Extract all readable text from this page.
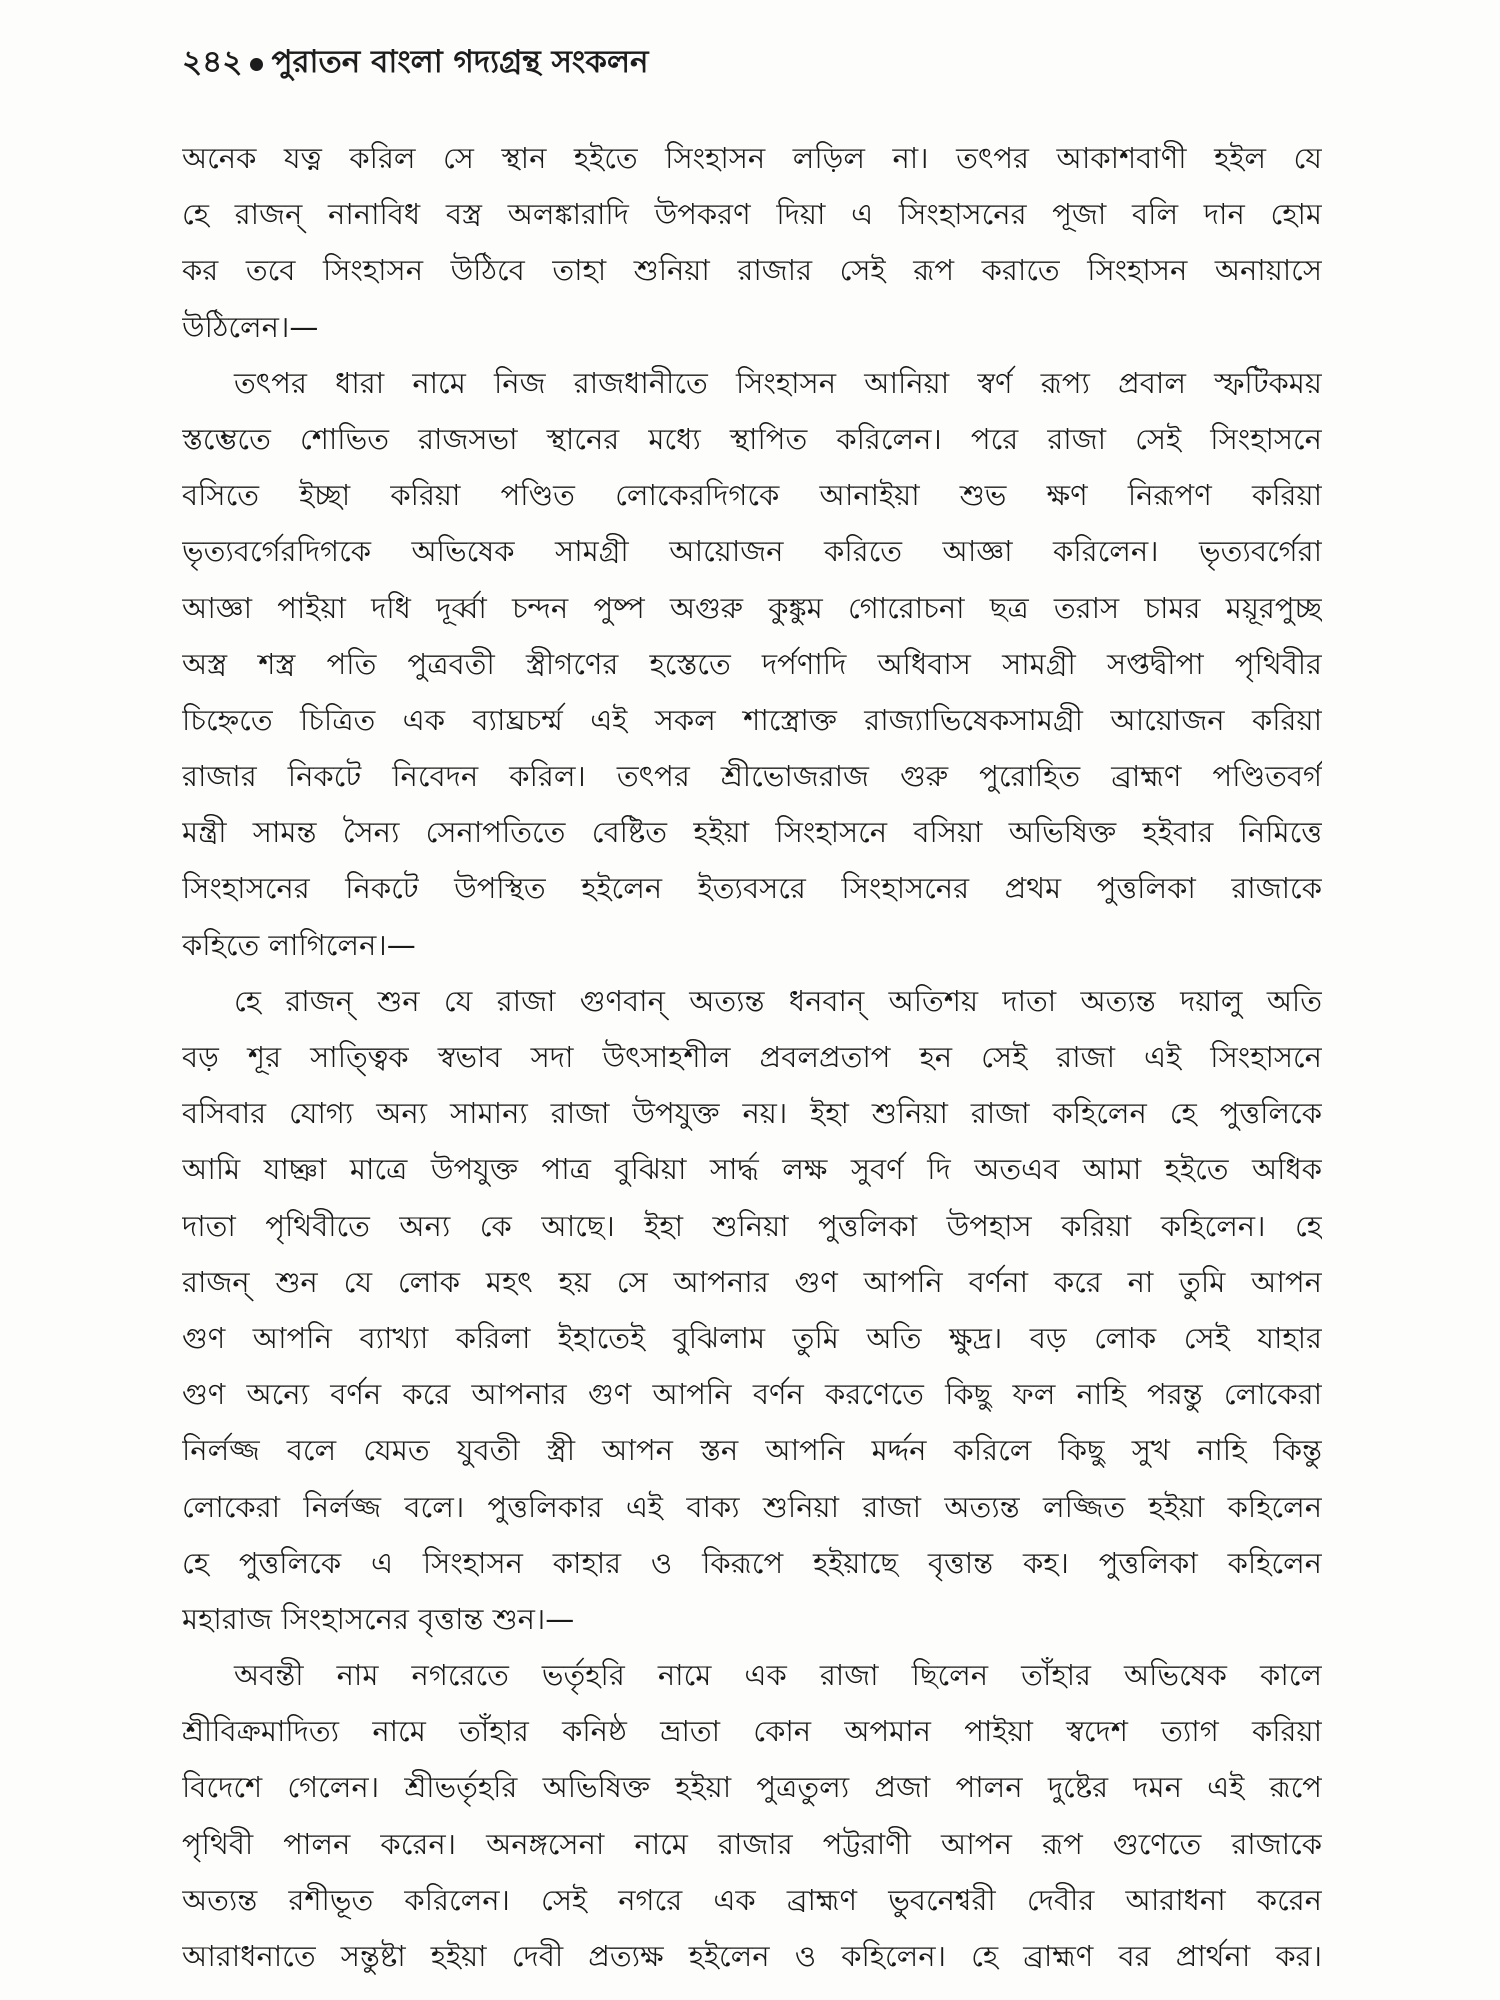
২৪২ পুরাতন বাংলা গদ্যগ্রন্থ সংকলন
অনেক যত্ন করিল সে স্থান হইতে সিংহাসন লড়িল না। তৎপর আকাশবাণী হইল যে
হে রাজন্ নানাবিধ বস্ত্র অলঙ্কারাদি উপকরণ দিয়া এ সিংহাসনের পূজা বলি দান হোম
কর তবে সিংহাসন উঠিবে তাহা শুনিয়া রাজার সেই রূপ করাতে সিংহাসন অনায়াসে
উঠিলেন।—
তৎপর ধারা নামে নিজ রাজধানীতে সিংহাসন আনিয়া স্বর্ণ রূপ্য প্রবাল স্ফটিকময়
স্তম্ভেতে শোভিত রাজসভা স্থানের মধ্যে স্থাপিত করিলেন। পরে রাজা সেই সিংহাসনে
বসিতে ইচ্ছা করিয়া পণ্ডিত লোকেরদিগকে আনাইয়া শুভ ক্ষণ নিরূপণ করিয়া
ভৃত্যবর্গেরদিগকে অভিষেক সামগ্রী আয়োজন করিতে আজ্ঞা করিলেন। ভৃত্যবর্গেরা
আজ্ঞা পাইয়া দধি দূর্ব্বা চন্দন পুষ্প অগুরু কুঙ্কুম গোরোচনা ছত্র তরাস চামর ময়ূরপুচ্ছ
অস্ত্র শস্ত্র পতি পুত্রবতী স্ত্রীগণের হস্তেতে দর্পণাদি অধিবাস সামগ্রী সপ্তদ্বীপা পৃথিবীর
চিহ্নেতে চিত্রিত এক ব্যাঘ্রচর্ম্ম এই সকল শাস্ত্রোক্ত রাজ্যাভিষেকসামগ্রী আয়োজন করিয়া
রাজার নিকটে নিবেদন করিল। তৎপর শ্রীভোজরাজ গুরু পুরোহিত ব্রাহ্মণ পণ্ডিতবর্গ
মন্ত্রী সামন্ত সৈন্য সেনাপতিতে বেষ্টিত হইয়া সিংহাসনে বসিয়া অভিষিক্ত হইবার নিমিত্তে
সিংহাসনের নিকটে উপস্থিত হইলেন ইত্যবসরে সিংহাসনের প্রথম পুত্তলিকা রাজাকে
কহিতে লাগিলেন।—
হে রাজন্ শুন যে রাজা গুণবান্ অত্যন্ত ধনবান্ অতিশয় দাতা অত্যন্ত দয়ালু অতি
বড় শূর সাত্ত্বিক স্বভাব সদা উৎসাহশীল প্রবলপ্রতাপ হন সেই রাজা এই সিংহাসনে
বসিবার যোগ্য অন্য সামান্য রাজা উপযুক্ত নয়। ইহা শুনিয়া রাজা কহিলেন হে পুত্তলিকে
আমি যাচ্ঞা মাত্রে উপযুক্ত পাত্র বুঝিয়া সার্দ্ধ লক্ষ সুবর্ণ দি অতএব আমা হইতে অধিক
দাতা পৃথিবীতে অন্য কে আছে। ইহা শুনিয়া পুত্তলিকা উপহাস করিয়া কহিলেন। হে
রাজন্ শুন যে লোক মহৎ হয় সে আপনার গুণ আপনি বর্ণনা করে না তুমি আপন
গুণ আপনি ব্যাখ্যা করিলা ইহাতেই বুঝিলাম তুমি অতি ক্ষুদ্র। বড় লোক সেই যাহার
গুণ অন্যে বর্ণন করে আপনার গুণ আপনি বর্ণন করণেতে কিছু ফল নাহি পরন্তু লোকেরা
নির্লজ্জ বলে যেমত যুবতী স্ত্রী আপন স্তন আপনি মর্দ্দন করিলে কিছু সুখ নাহি কিন্তু
লোকেরা নির্লজ্জ বলে। পুত্তলিকার এই বাক্য শুনিয়া রাজা অত্যন্ত লজ্জিত হইয়া কহিলেন
হে পুত্তলিকে এ সিংহাসন কাহার ও কিরূপে হইয়াছে বৃত্তান্ত কহ। পুত্তলিকা কহিলেন
মহারাজ সিংহাসনের বৃত্তান্ত শুন।—
অবন্তী নাম নগরেতে ভর্তৃহরি নামে এক রাজা ছিলেন তাঁহার অভিষেক কালে
শ্রীবিক্রমাদিত্য নামে তাঁহার কনিষ্ঠ ভ্রাতা কোন অপমান পাইয়া স্বদেশ ত্যাগ করিয়া
বিদেশে গেলেন। শ্রীভর্তৃহরি অভিষিক্ত হইয়া পুত্রতুল্য প্রজা পালন দুষ্টের দমন এই রূপে
পৃথিবী পালন করেন। অনঙ্গসেনা নামে রাজার পট্টরাণী আপন রূপ গুণেতে রাজাকে
অত্যন্ত রশীভূত করিলেন। সেই নগরে এক ব্রাহ্মণ ভুবনেশ্বরী দেবীর আরাধনা করেন
আরাধনাতে সন্তুষ্টা হইয়া দেবী প্রত্যক্ষ হইলেন ও কহিলেন। হে ব্রাহ্মণ বর প্রার্থনা কর।
